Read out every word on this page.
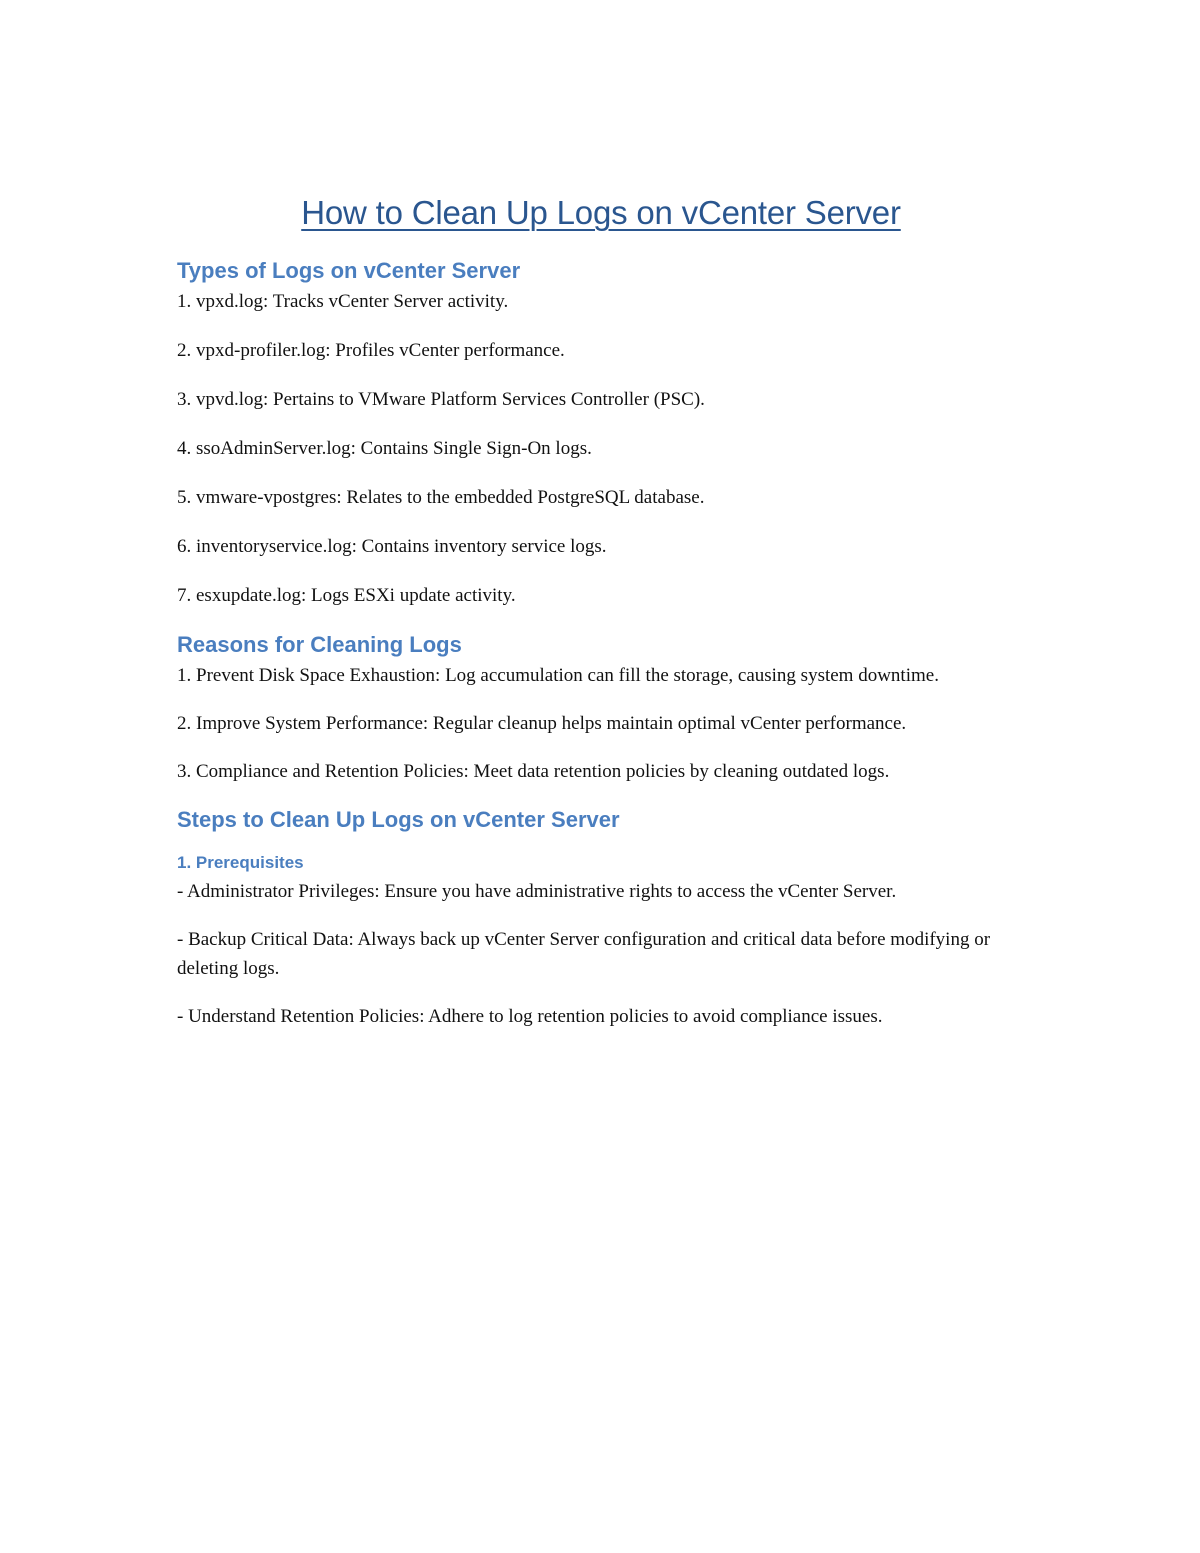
How to Clean Up Logs on vCenter Server
Types of Logs on vCenter Server

1. vpxd.log: Tracks vCenter Server activity.

2. vpxd-profiler.log: Profiles vCenter performance.

3. vpvd.log: Pertains to VMware Platform Services Controller (PSC).

4. ssoAdminServer.log: Contains Single Sign-On logs.

5. vmware-vpostgres: Relates to the embedded PostgreSQL database.

6. inventoryservice.log: Contains inventory service logs.

7. esxupdate.log: Logs ESXi update activity.

Reasons for Cleaning Logs

1. Prevent Disk Space Exhaustion: Log accumulation can fill the storage, causing system downtime.

2. Improve System Performance: Regular cleanup helps maintain optimal vCenter performance.

3. Compliance and Retention Policies: Meet data retention policies by cleaning outdated logs.

Steps to Clean Up Logs on vCenter Server
1. Prerequisites

- Administrator Privileges: Ensure you have administrative rights to access the vCenter Server.

- Backup Critical Data: Always back up vCenter Server configuration and critical data before modifying or deleting logs.

- Understand Retention Policies: Adhere to log retention policies to avoid compliance issues.
